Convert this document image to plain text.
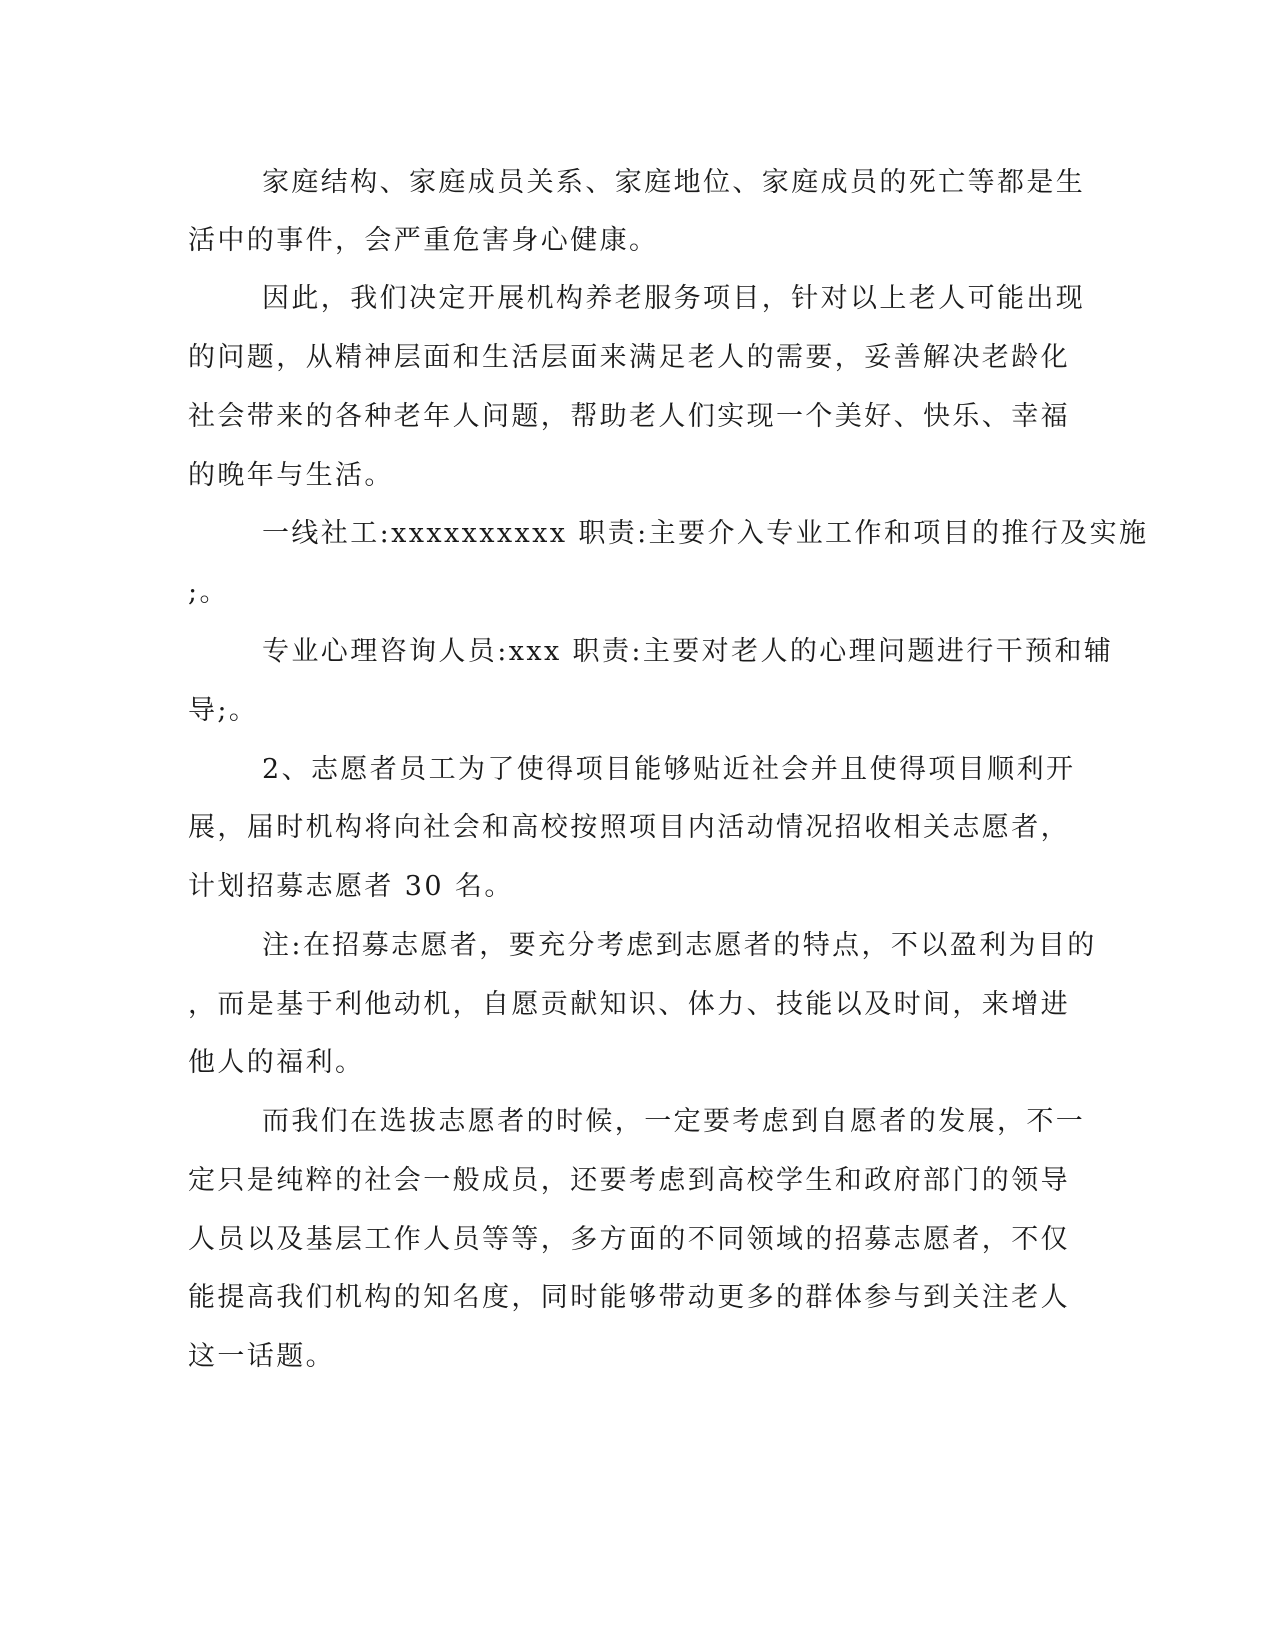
家庭结构、家庭成员关系、家庭地位、家庭成员的死亡等都是生

活中的事件，会严重危害身心健康。

因此，我们决定开展机构养老服务项目，针对以上老人可能出现

的问题，从精神层面和生活层面来满足老人的需要，妥善解决老龄化

社会带来的各种老年人问题，帮助老人们实现一个美好、快乐、幸福

的晚年与生活。

一线社工:xxxxxxxxxx 职责:主要介入专业工作和项目的推行及实施

;。

专业心理咨询人员:xxx 职责:主要对老人的心理问题进行干预和辅

导;。

2、志愿者员工为了使得项目能够贴近社会并且使得项目顺利开

展，届时机构将向社会和高校按照项目内活动情况招收相关志愿者，

计划招募志愿者 30 名。

注:在招募志愿者，要充分考虑到志愿者的特点，不以盈利为目的

，而是基于利他动机，自愿贡献知识、体力、技能以及时间，来增进

他人的福利。

而我们在选拔志愿者的时候，一定要考虑到自愿者的发展，不一

定只是纯粹的社会一般成员，还要考虑到高校学生和政府部门的领导

人员以及基层工作人员等等，多方面的不同领域的招募志愿者，不仅

能提高我们机构的知名度，同时能够带动更多的群体参与到关注老人

这一话题。
